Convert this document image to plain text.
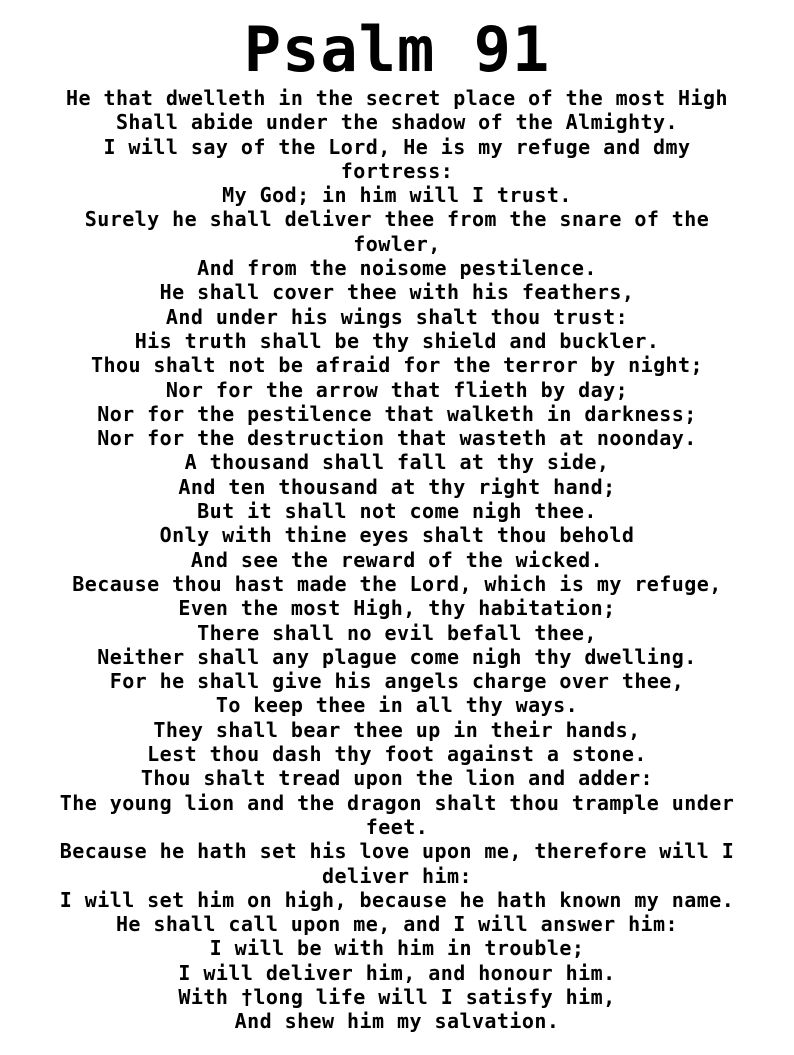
Psalm 91
He that dwelleth in the secret place of the most High
Shall abide under the shadow of the Almighty.
I will say of the Lord, He is my refuge and dmy
fortress:
My God; in him will I trust.
Surely he shall deliver thee from the snare of the
fowler,
And from the noisome pestilence.
He shall cover thee with his feathers,
And under his wings shalt thou trust:
His truth shall be thy shield and buckler.
Thou shalt not be afraid for the terror by night;
Nor for the arrow that flieth by day;
Nor for the pestilence that walketh in darkness;
Nor for the destruction that wasteth at noonday.
A thousand shall fall at thy side,
And ten thousand at thy right hand;
But it shall not come nigh thee.
Only with thine eyes shalt thou behold
And see the reward of the wicked.
Because thou hast made the Lord, which is my refuge,
Even the most High, thy habitation;
There shall no evil befall thee,
Neither shall any plague come nigh thy dwelling.
For he shall give his angels charge over thee,
To keep thee in all thy ways.
They shall bear thee up in their hands,
Lest thou dash thy foot against a stone.
Thou shalt tread upon the lion and adder:
The young lion and the dragon shalt thou trample under
feet.
Because he hath set his love upon me, therefore will I
deliver him:
I will set him on high, because he hath known my name.
He shall call upon me, and I will answer him:
I will be with him in trouble;
I will deliver him, and honour him.
With †long life will I satisfy him,
And shew him my salvation.
